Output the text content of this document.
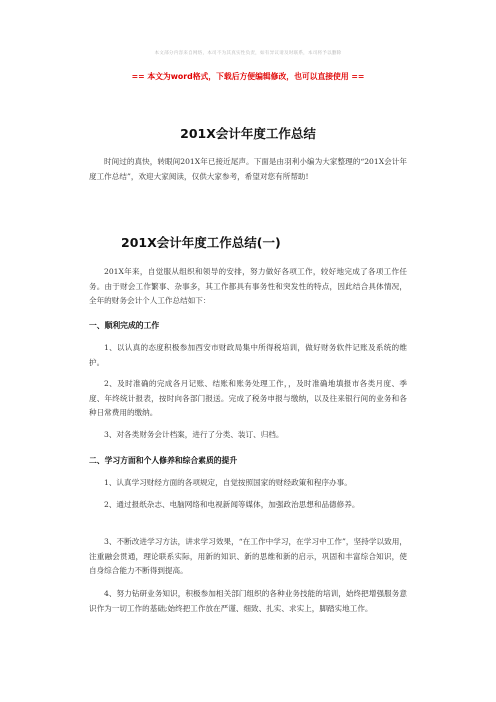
本文部分内容来自网络，本司不为其真实性负责，如有异议请及时联系，本司将予以删除
== 本文为word格式，下载后方便编辑修改，也可以直接使用 ==
201X会计年度工作总结
时间过的真快，转眼间201X年已接近尾声。下面是由羽利小编为大家整理的“201X会计年度工作总结”，欢迎大家阅读，仅供大家参考，希望对您有所帮助!
201X会计年度工作总结(一)
201X年来，自觉服从组织和领导的安排，努力做好各项工作，较好地完成了各项工作任务。由于财会工作繁事、杂事多，其工作都具有事务性和突发性的特点，因此结合具体情况，全年的财务会计个人工作总结如下：
一、顺利完成的工作
1、以认真的态度积极参加西安市财政局集中所得税培训，做好财务软件记账及系统的维护。
2、及时准确的完成各月记账、结账和账务处理工作，，及时准确地填报市各类月度、季度、年终统计报表，按时向各部门报送。完成了税务申报与缴纳，以及往来银行间的业务和各种日常费用的缴纳。
3、对各类财务会计档案，进行了分类、装订、归档。
二、学习方面和个人修养和综合素质的提升
1、认真学习财经方面的各项规定，自觉按照国家的财经政策和程序办事。
2、通过报纸杂志、电脑网络和电视新闻等媒体，加强政治思想和品德修养。
3、不断改进学习方法，讲求学习效果，“在工作中学习，在学习中工作”，坚持学以致用，注重融会贯通，理论联系实际，用新的知识、新的思维和新的启示，巩固和丰富综合知识，使自身综合能力不断得到提高。
4、努力钻研业务知识，积极参加相关部门组织的各种业务技能的培训，始终把增强服务意识作为一切工作的基础;始终把工作放在严谨、细致、扎实、求实上，脚踏实地工作。
